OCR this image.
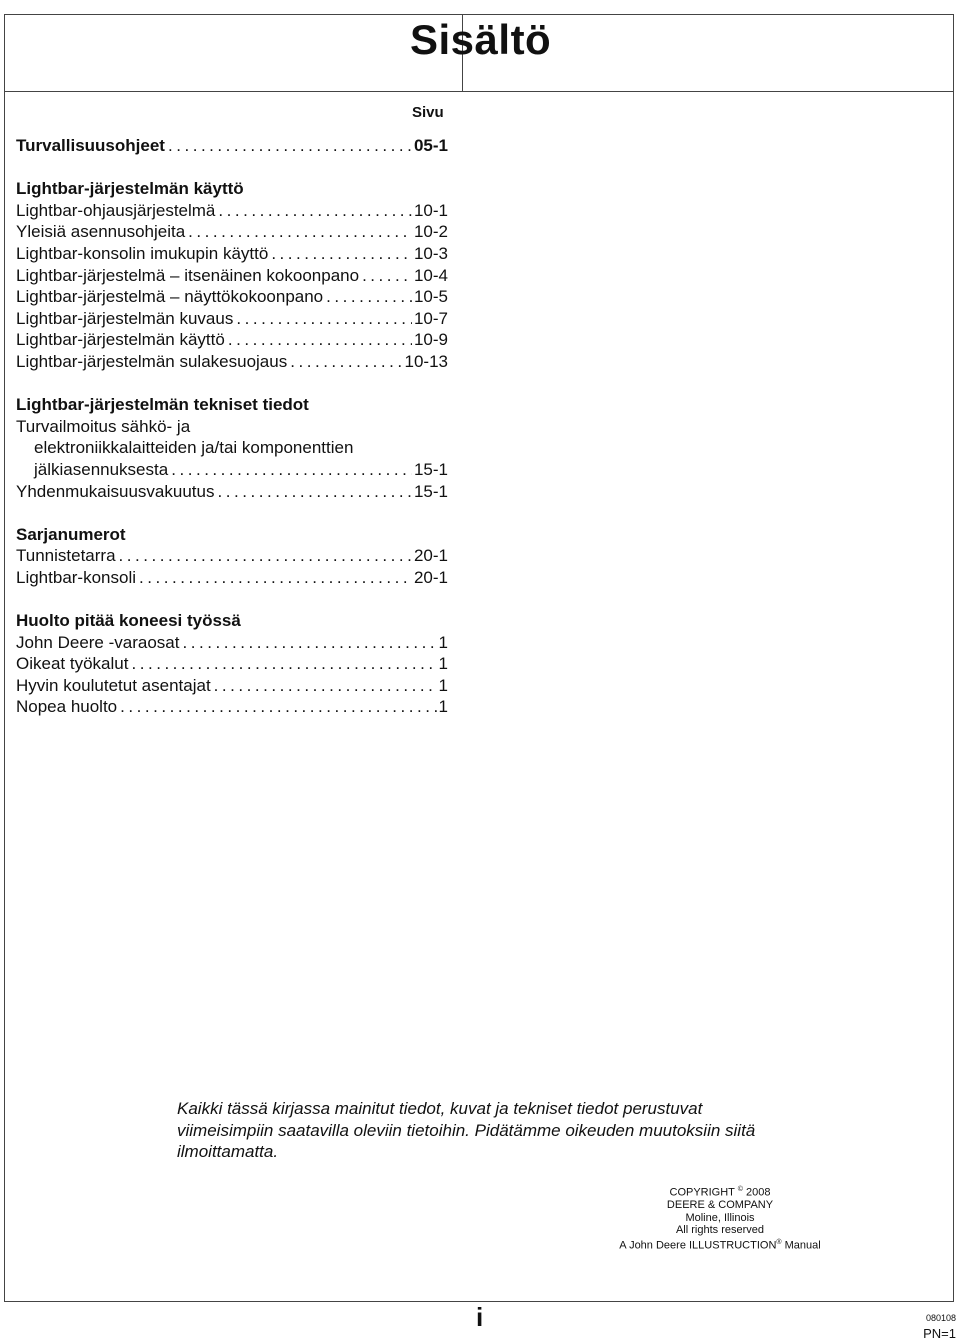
Sisältö
Sivu
Turvallisuusohjeet . . .	05-1
Lightbar-järjestelmän käyttö
Lightbar-ohjausjärjestelmä . . .	10-1
Yleisiä asennusohjeita . . .	10-2
Lightbar-konsolin imukupin käyttö . . .	10-3
Lightbar-järjestelmä – itsenäinen kokoonpano . . .	10-4
Lightbar-järjestelmä – näyttökokoonpano . . .	10-5
Lightbar-järjestelmän kuvaus . . .	10-7
Lightbar-järjestelmän käyttö . . .	10-9
Lightbar-järjestelmän sulakesuojaus . . .	10-13
Lightbar-järjestelmän tekniset tiedot
Turvailmoitus sähkö- ja
elektroniikkalaitteiden ja/tai komponenttien
jälkiasennuksesta . . .	15-1
Yhdenmukaisuusvakuutus . . .	15-1
Sarjanumerot
Tunnistetarra . . .	20-1
Lightbar-konsoli . . .	20-1
Huolto pitää koneesi työssä
John Deere -varaosat . . .	1
Oikeat työkalut . . .	1
Hyvin koulutetut asentajat . . .	1
Nopea huolto . . .	1
Kaikki tässä kirjassa mainitut tiedot, kuvat ja tekniset tiedot perustuvat viimeisimpiin saatavilla oleviin tietoihin. Pidätämme oikeuden muutoksiin siitä ilmoittamatta.
COPYRIGHT © 2008
DEERE & COMPANY
Moline, Illinois
All rights reserved
A John Deere ILLUSTRUCTION® Manual
i	080108
PN=1
